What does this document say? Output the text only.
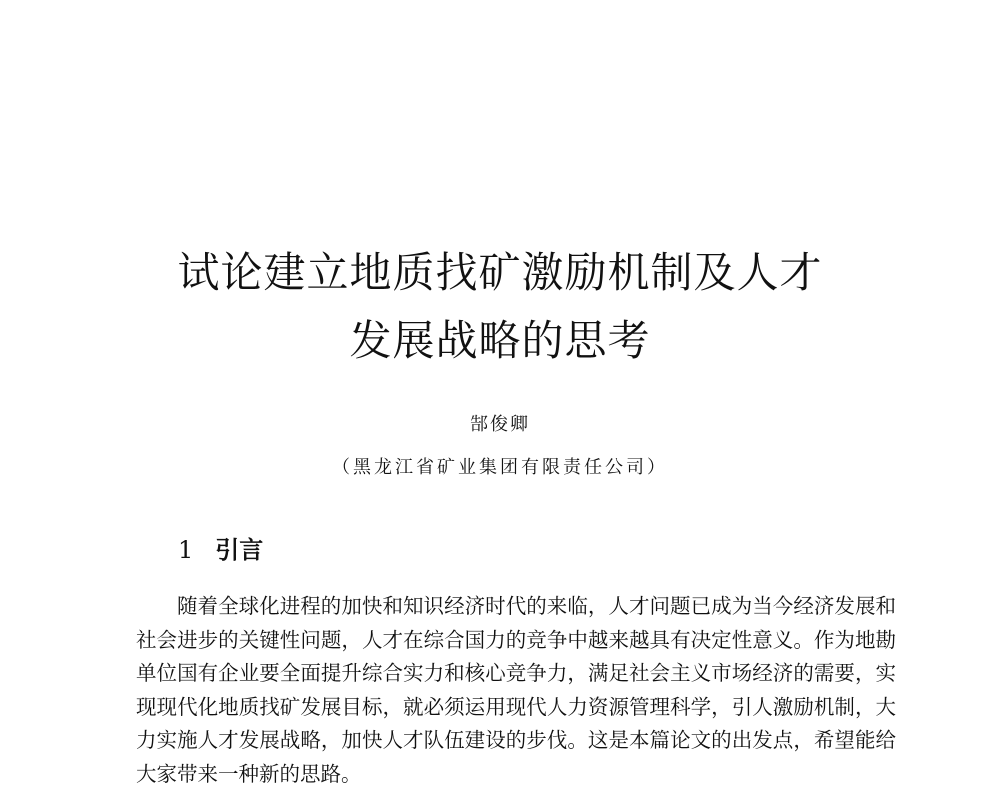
试论建立地质找矿激励机制及人才
发展战略的思考
郜俊卿
（黑龙江省矿业集团有限责任公司）
1 引言

随着全球化进程的加快和知识经济时代的来临，人才问题已成为当今经济发展和社会进步的关键性问题，人才在综合国力的竞争中越来越具有决定性意义。作为地勘单位国有企业要全面提升综合实力和核心竞争力，满足社会主义市场经济的需要，实现现代化地质找矿发展目标，就必须运用现代人力资源管理科学，引人激励机制，大力实施人才发展战略，加快人才队伍建设的步伐。这是本篇论文的出发点，希望能给大家带来一种新的思路。
